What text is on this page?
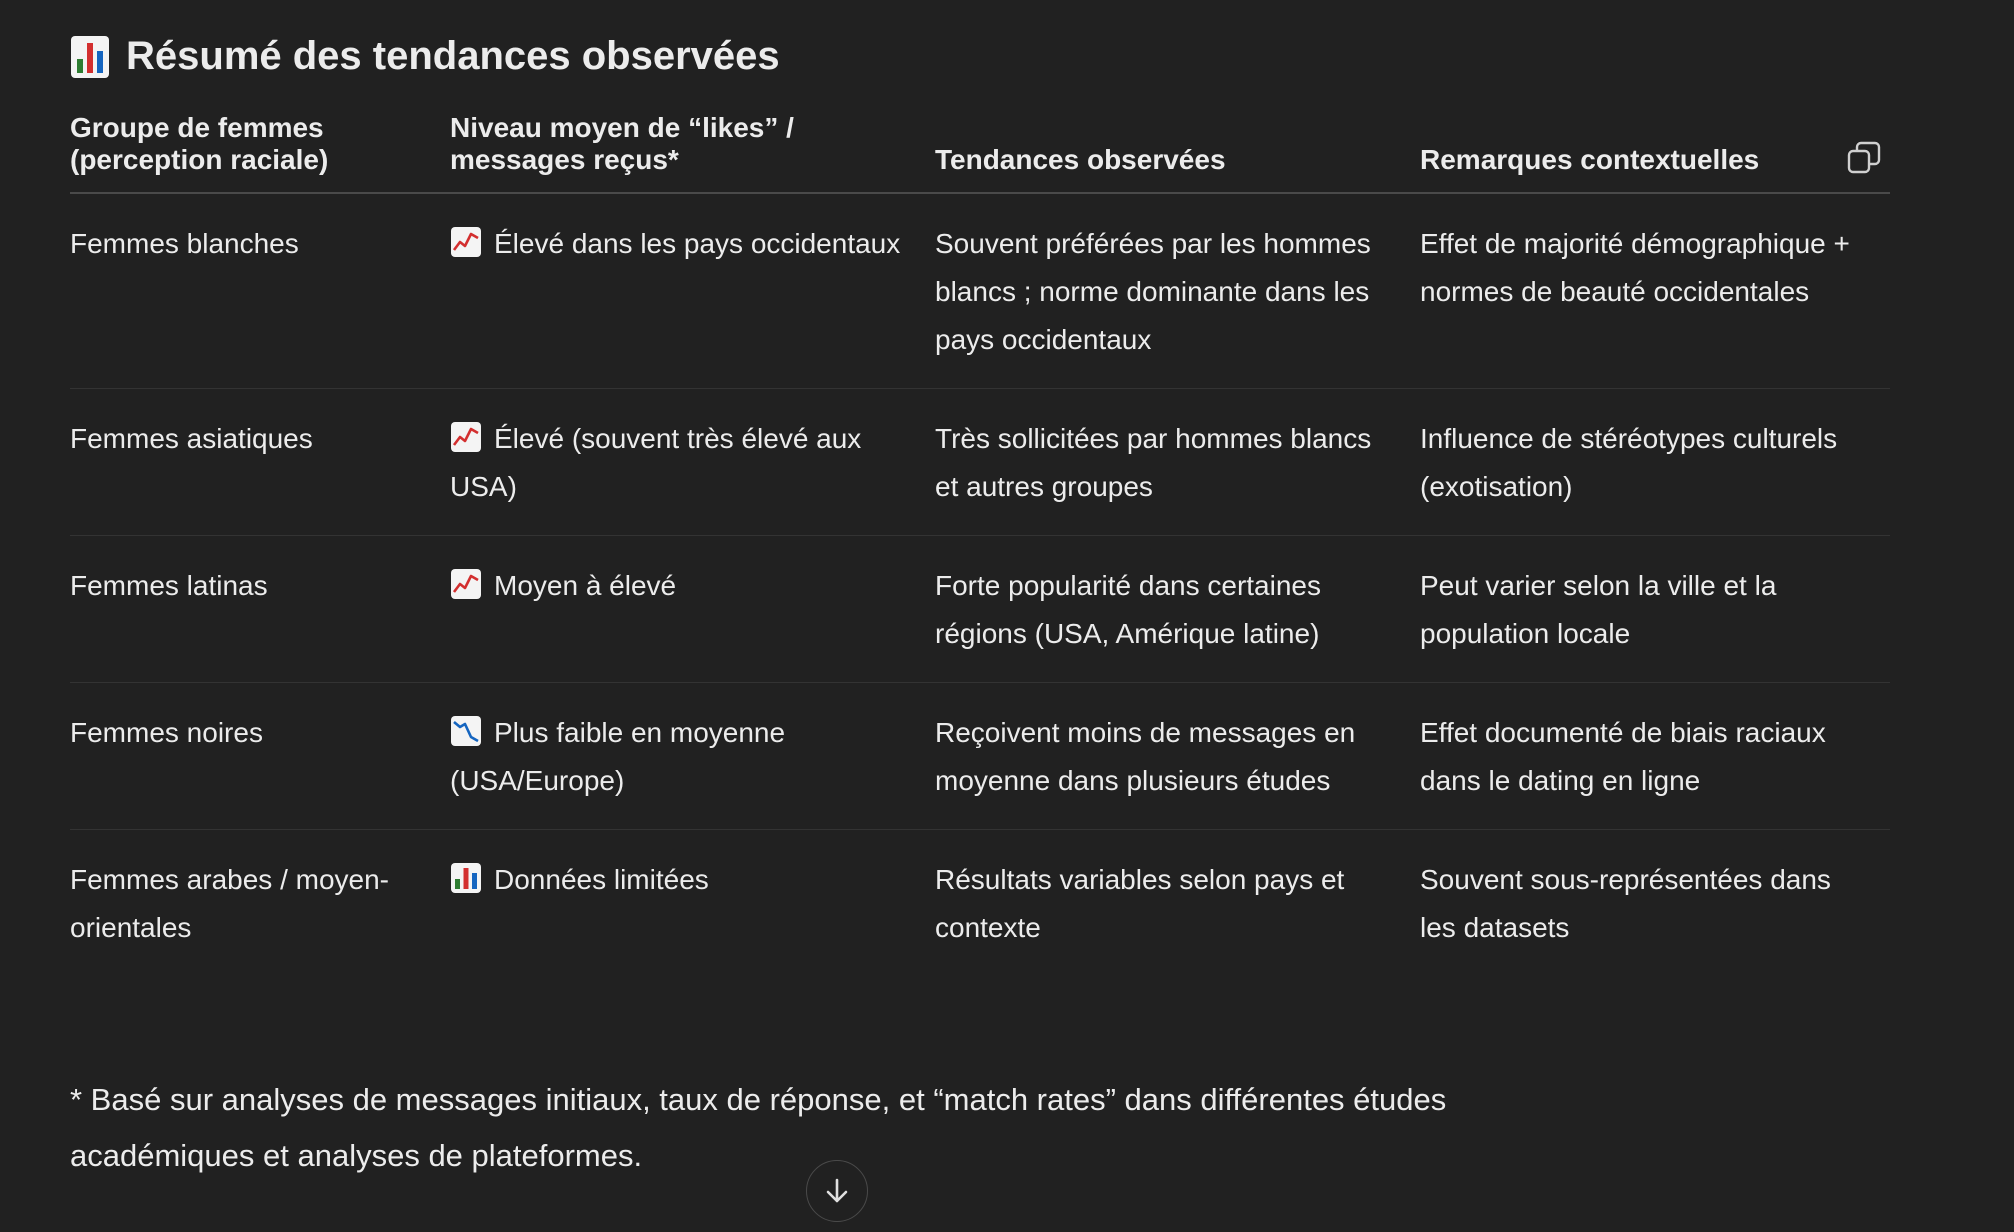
Résumé des tendances observées
Groupe de femmes (perception raciale)	Niveau moyen de “likes” / messages reçus*	Tendances observées	Remarques contextuelles

Femmes blanches	Élevé dans les pays occidentaux	Souvent préférées par les hommes blancs ; norme dominante dans les pays occidentaux	Effet de majorité démographique + normes de beauté occidentales
Femmes asiatiques	Élevé (souvent très élevé aux USA)	Très sollicitées par hommes blancs et autres groupes	Influence de stéréotypes culturels (exotisation)
Femmes latinas	Moyen à élevé	Forte popularité dans certaines régions (USA, Amérique latine)	Peut varier selon la ville et la population locale
Femmes noires	Plus faible en moyenne (USA/Europe)	Reçoivent moins de messages en moyenne dans plusieurs études	Effet documenté de biais raciaux dans le dating en ligne
Femmes arabes / moyen-orientales	Données limitées	Résultats variables selon pays et contexte	Souvent sous-représentées dans les datasets
* Basé sur analyses de messages initiaux, taux de réponse, et “match rates” dans différentes études académiques et analyses de plateformes.
